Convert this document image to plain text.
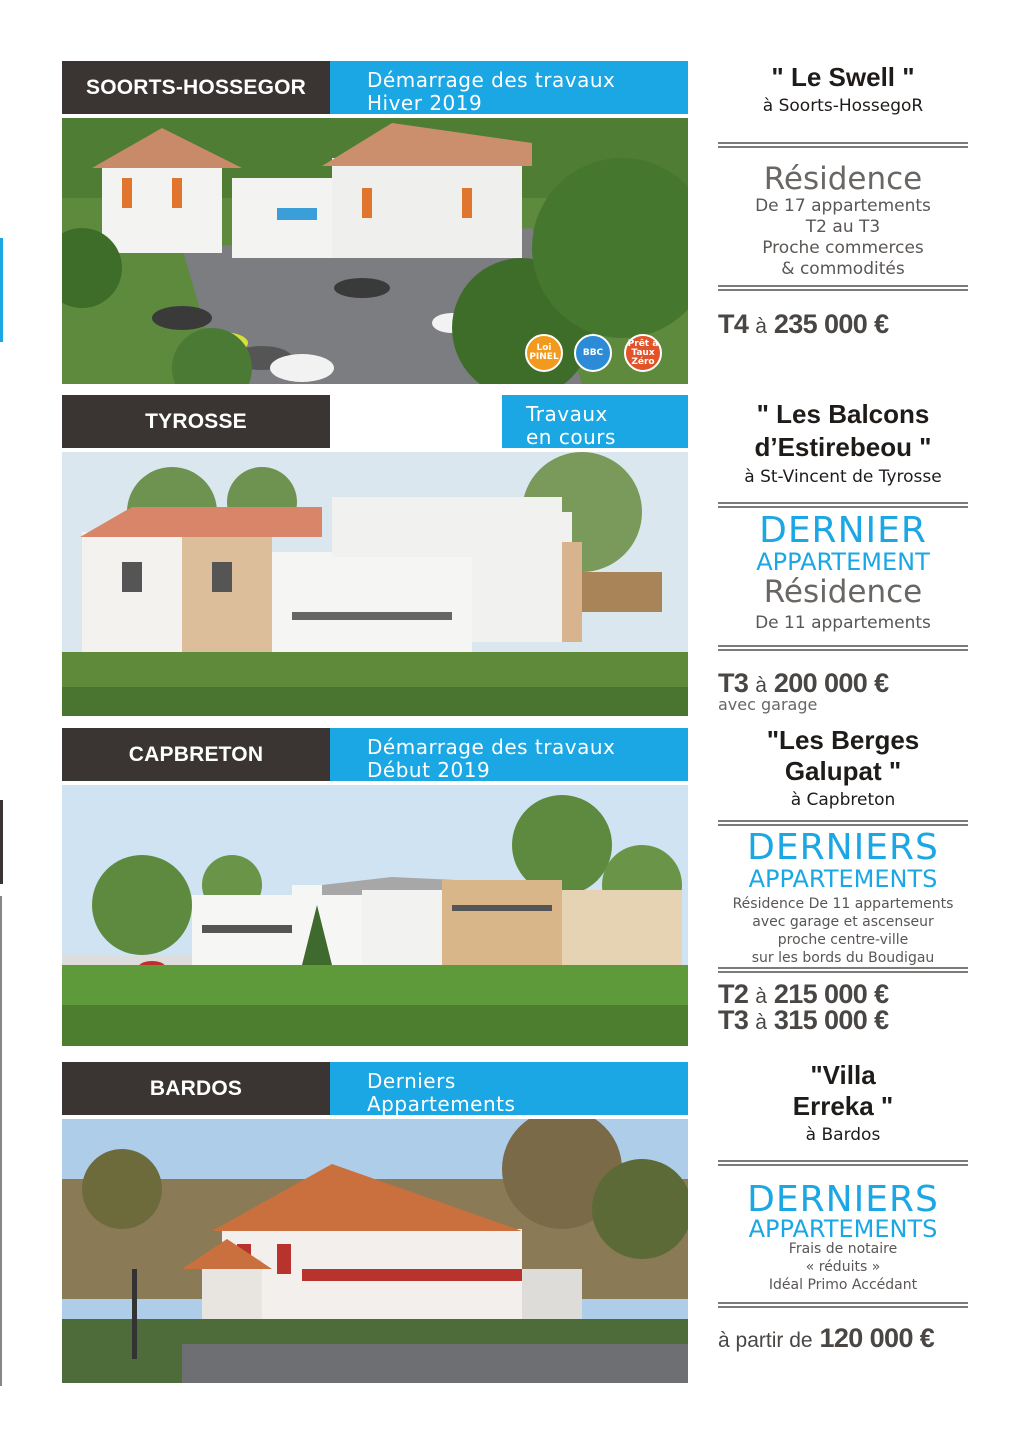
SOORTS-HOSSEGOR	Démarrage des travaux
Hiver 2019
Loi PINEL	BBC
Prêt à Taux Zéro
" Le Swell "
à Soorts-HossegoR
Résidence
De 17 appartements
T2 au T3
Proche commerces
& commodités
T4 à 235 000 €
TYROSSE	Travaux
en cours
" Les Balcons
d’Estirebeou "
à St-Vincent de Tyrosse
DERNIER
APPARTEMENT
Résidence
De 11 appartements
T3 à 200 000 €
avec garage
CAPBRETON	Démarrage des travaux
Début 2019
"Les Berges
Galupat "
à Capbreton
DERNIERS
APPARTEMENTS
Résidence De 11 appartements
avec garage et ascenseur
proche centre-ville
sur les bords du Boudigau
T2 à 215 000 €
T3 à 315 000 €
BARDOS	Derniers
Appartements
"Villa
Erreka "
à Bardos
DERNIERS
APPARTEMENTS
Frais de notaire
« réduits »
Idéal Primo Accédant
à partir de 120 000 €
